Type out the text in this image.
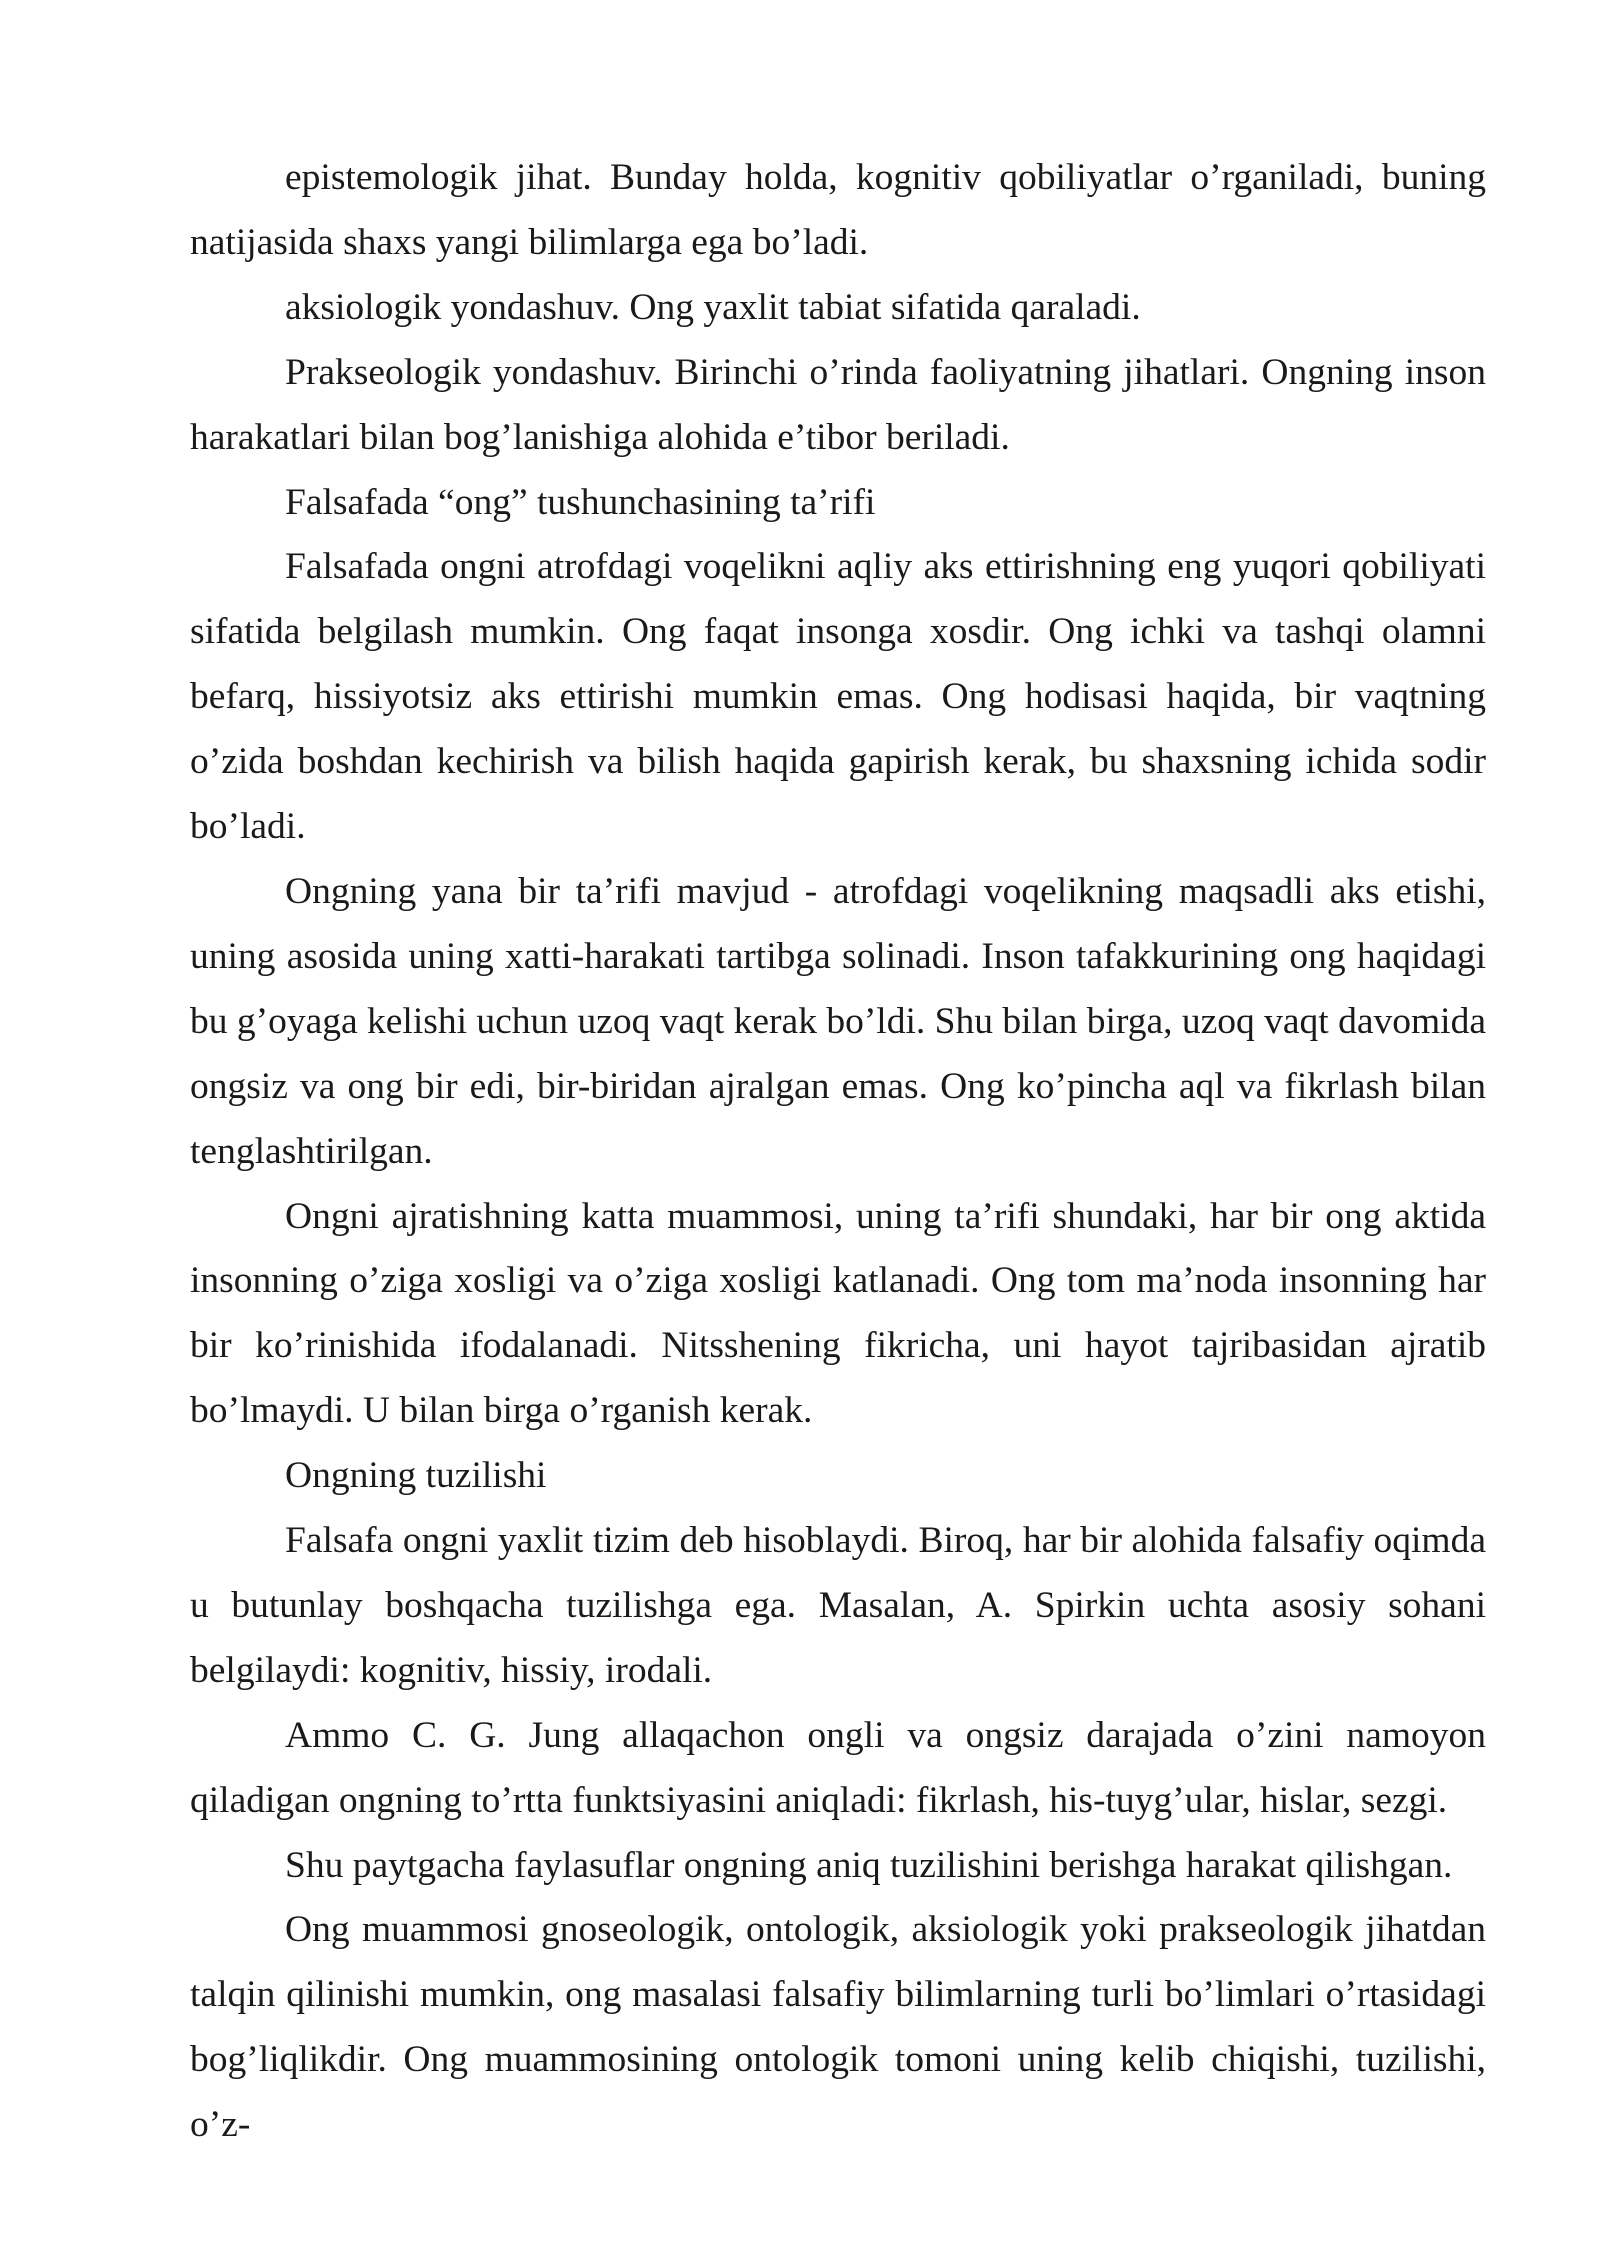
epistemologik jihat. Bunday holda, kognitiv qobiliyatlar o’rganiladi, buning natijasida shaxs yangi bilimlarga ega bo’ladi.

aksiologik yondashuv. Ong yaxlit tabiat sifatida qaraladi.

Prakseologik yondashuv. Birinchi o’rinda faoliyatning jihatlari. Ongning inson harakatlari bilan bog’lanishiga alohida e’tibor beriladi.

Falsafada “ong” tushunchasining ta’rifi

Falsafada ongni atrofdagi voqelikni aqliy aks ettirishning eng yuqori qobiliyati sifatida belgilash mumkin. Ong faqat insonga xosdir. Ong ichki va tashqi olamni befarq, hissiyotsiz aks ettirishi mumkin emas. Ong hodisasi haqida, bir vaqtning o’zida boshdan kechirish va bilish haqida gapirish kerak, bu shaxsning ichida sodir bo’ladi.

Ongning yana bir ta’rifi mavjud - atrofdagi voqelikning maqsadli aks etishi, uning asosida uning xatti-harakati tartibga solinadi. Inson tafakkurining ong haqidagi bu g’oyaga kelishi uchun uzoq vaqt kerak bo’ldi. Shu bilan birga, uzoq vaqt davomida ongsiz va ong bir edi, bir-biridan ajralgan emas. Ong ko’pincha aql va fikrlash bilan tenglashtirilgan.

Ongni ajratishning katta muammosi, uning ta’rifi shundaki, har bir ong aktida insonning o’ziga xosligi va o’ziga xosligi katlanadi. Ong tom ma’noda insonning har bir ko’rinishida ifodalanadi. Nitsshening fikricha, uni hayot tajribasidan ajratib bo’lmaydi. U bilan birga o’rganish kerak.

Ongning tuzilishi

Falsafa ongni yaxlit tizim deb hisoblaydi. Biroq, har bir alohida falsafiy oqimda u butunlay boshqacha tuzilishga ega. Masalan, A. Spirkin uchta asosiy sohani belgilaydi: kognitiv, hissiy, irodali.

Ammo C. G. Jung allaqachon ongli va ongsiz darajada o’zini namoyon qiladigan ongning to’rtta funktsiyasini aniqladi: fikrlash, his-tuyg’ular, hislar, sezgi.

Shu paytgacha faylasuflar ongning aniq tuzilishini berishga harakat qilishgan.

Ong muammosi gnoseologik, ontologik, aksiologik yoki prakseologik jihatdan talqin qilinishi mumkin, ong masalasi falsafiy bilimlarning turli bo’limlari o’rtasidagi bog’liqlikdir. Ong muammosining ontologik tomoni uning kelib chiqishi, tuzilishi, o’z-
